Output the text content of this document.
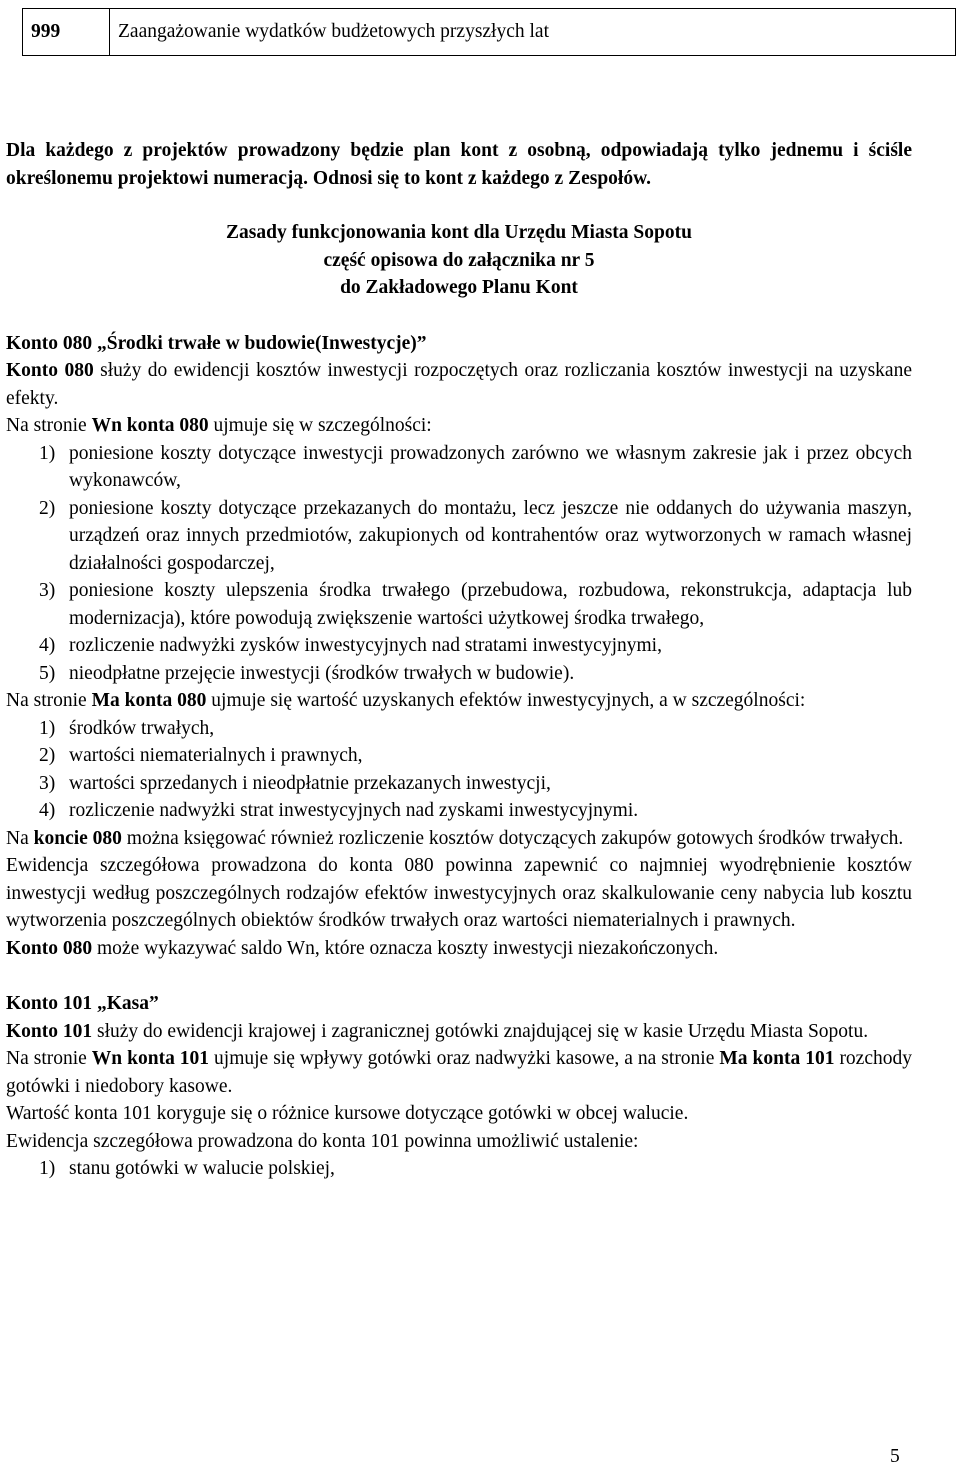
999	Zaangażowanie wydatków budżetowych przyszłych lat

Dla każdego z projektów prowadzony będzie plan kont z osobną, odpowiadają tylko jednemu i ściśle określonemu projektowi numeracją. Odnosi się to kont z każdego z Zespołów.

Zasady funkcjonowania kont dla Urzędu Miasta Sopotu

część opisowa do załącznika nr 5

do Zakładowego Planu Kont

Konto 080 „Środki trwałe w budowie(Inwestycje)”

Konto 080 służy do ewidencji kosztów inwestycji rozpoczętych oraz rozliczania kosztów inwestycji na uzyskane efekty.

Na stronie Wn konta 080 ujmuje się w szczególności:

1) poniesione koszty dotyczące inwestycji prowadzonych zarówno we własnym zakresie jak i przez obcych wykonawców,
2) poniesione koszty dotyczące przekazanych do montażu, lecz jeszcze nie oddanych do używania maszyn, urządzeń oraz innych przedmiotów, zakupionych od kontrahentów oraz wytworzonych w ramach własnej działalności gospodarczej,
3) poniesione koszty ulepszenia środka trwałego (przebudowa, rozbudowa, rekonstrukcja, adaptacja lub modernizacja), które powodują zwiększenie wartości użytkowej środka trwałego,
4) rozliczenie nadwyżki zysków inwestycyjnych nad stratami inwestycyjnymi,
5) nieodpłatne przejęcie inwestycji (środków trwałych w budowie).

Na stronie Ma konta 080 ujmuje się wartość uzyskanych efektów inwestycyjnych, a w szczególności:

1) środków trwałych,
2) wartości niematerialnych i prawnych,
3) wartości sprzedanych i nieodpłatnie przekazanych inwestycji,
4) rozliczenie nadwyżki strat inwestycyjnych nad zyskami inwestycyjnymi.

Na koncie 080 można księgować również rozliczenie kosztów dotyczących zakupów gotowych środków trwałych.

Ewidencja szczegółowa prowadzona do konta 080 powinna zapewnić co najmniej wyodrębnienie kosztów inwestycji według poszczególnych rodzajów efektów inwestycyjnych oraz skalkulowanie ceny nabycia lub kosztu wytworzenia poszczególnych obiektów środków trwałych oraz wartości niematerialnych i prawnych.

Konto 080 może wykazywać saldo Wn, które oznacza koszty inwestycji niezakończonych.

Konto 101 „Kasa”

Konto 101 służy do ewidencji krajowej i zagranicznej gotówki znajdującej się w kasie Urzędu Miasta Sopotu.

Na stronie Wn konta 101 ujmuje się wpływy gotówki oraz nadwyżki kasowe, a na stronie Ma konta 101 rozchody gotówki i niedobory kasowe.

Wartość konta 101 koryguje się o różnice kursowe dotyczące gotówki w obcej walucie.

Ewidencja szczegółowa prowadzona do konta 101 powinna umożliwić ustalenie:

1) stanu gotówki w walucie polskiej,
5
